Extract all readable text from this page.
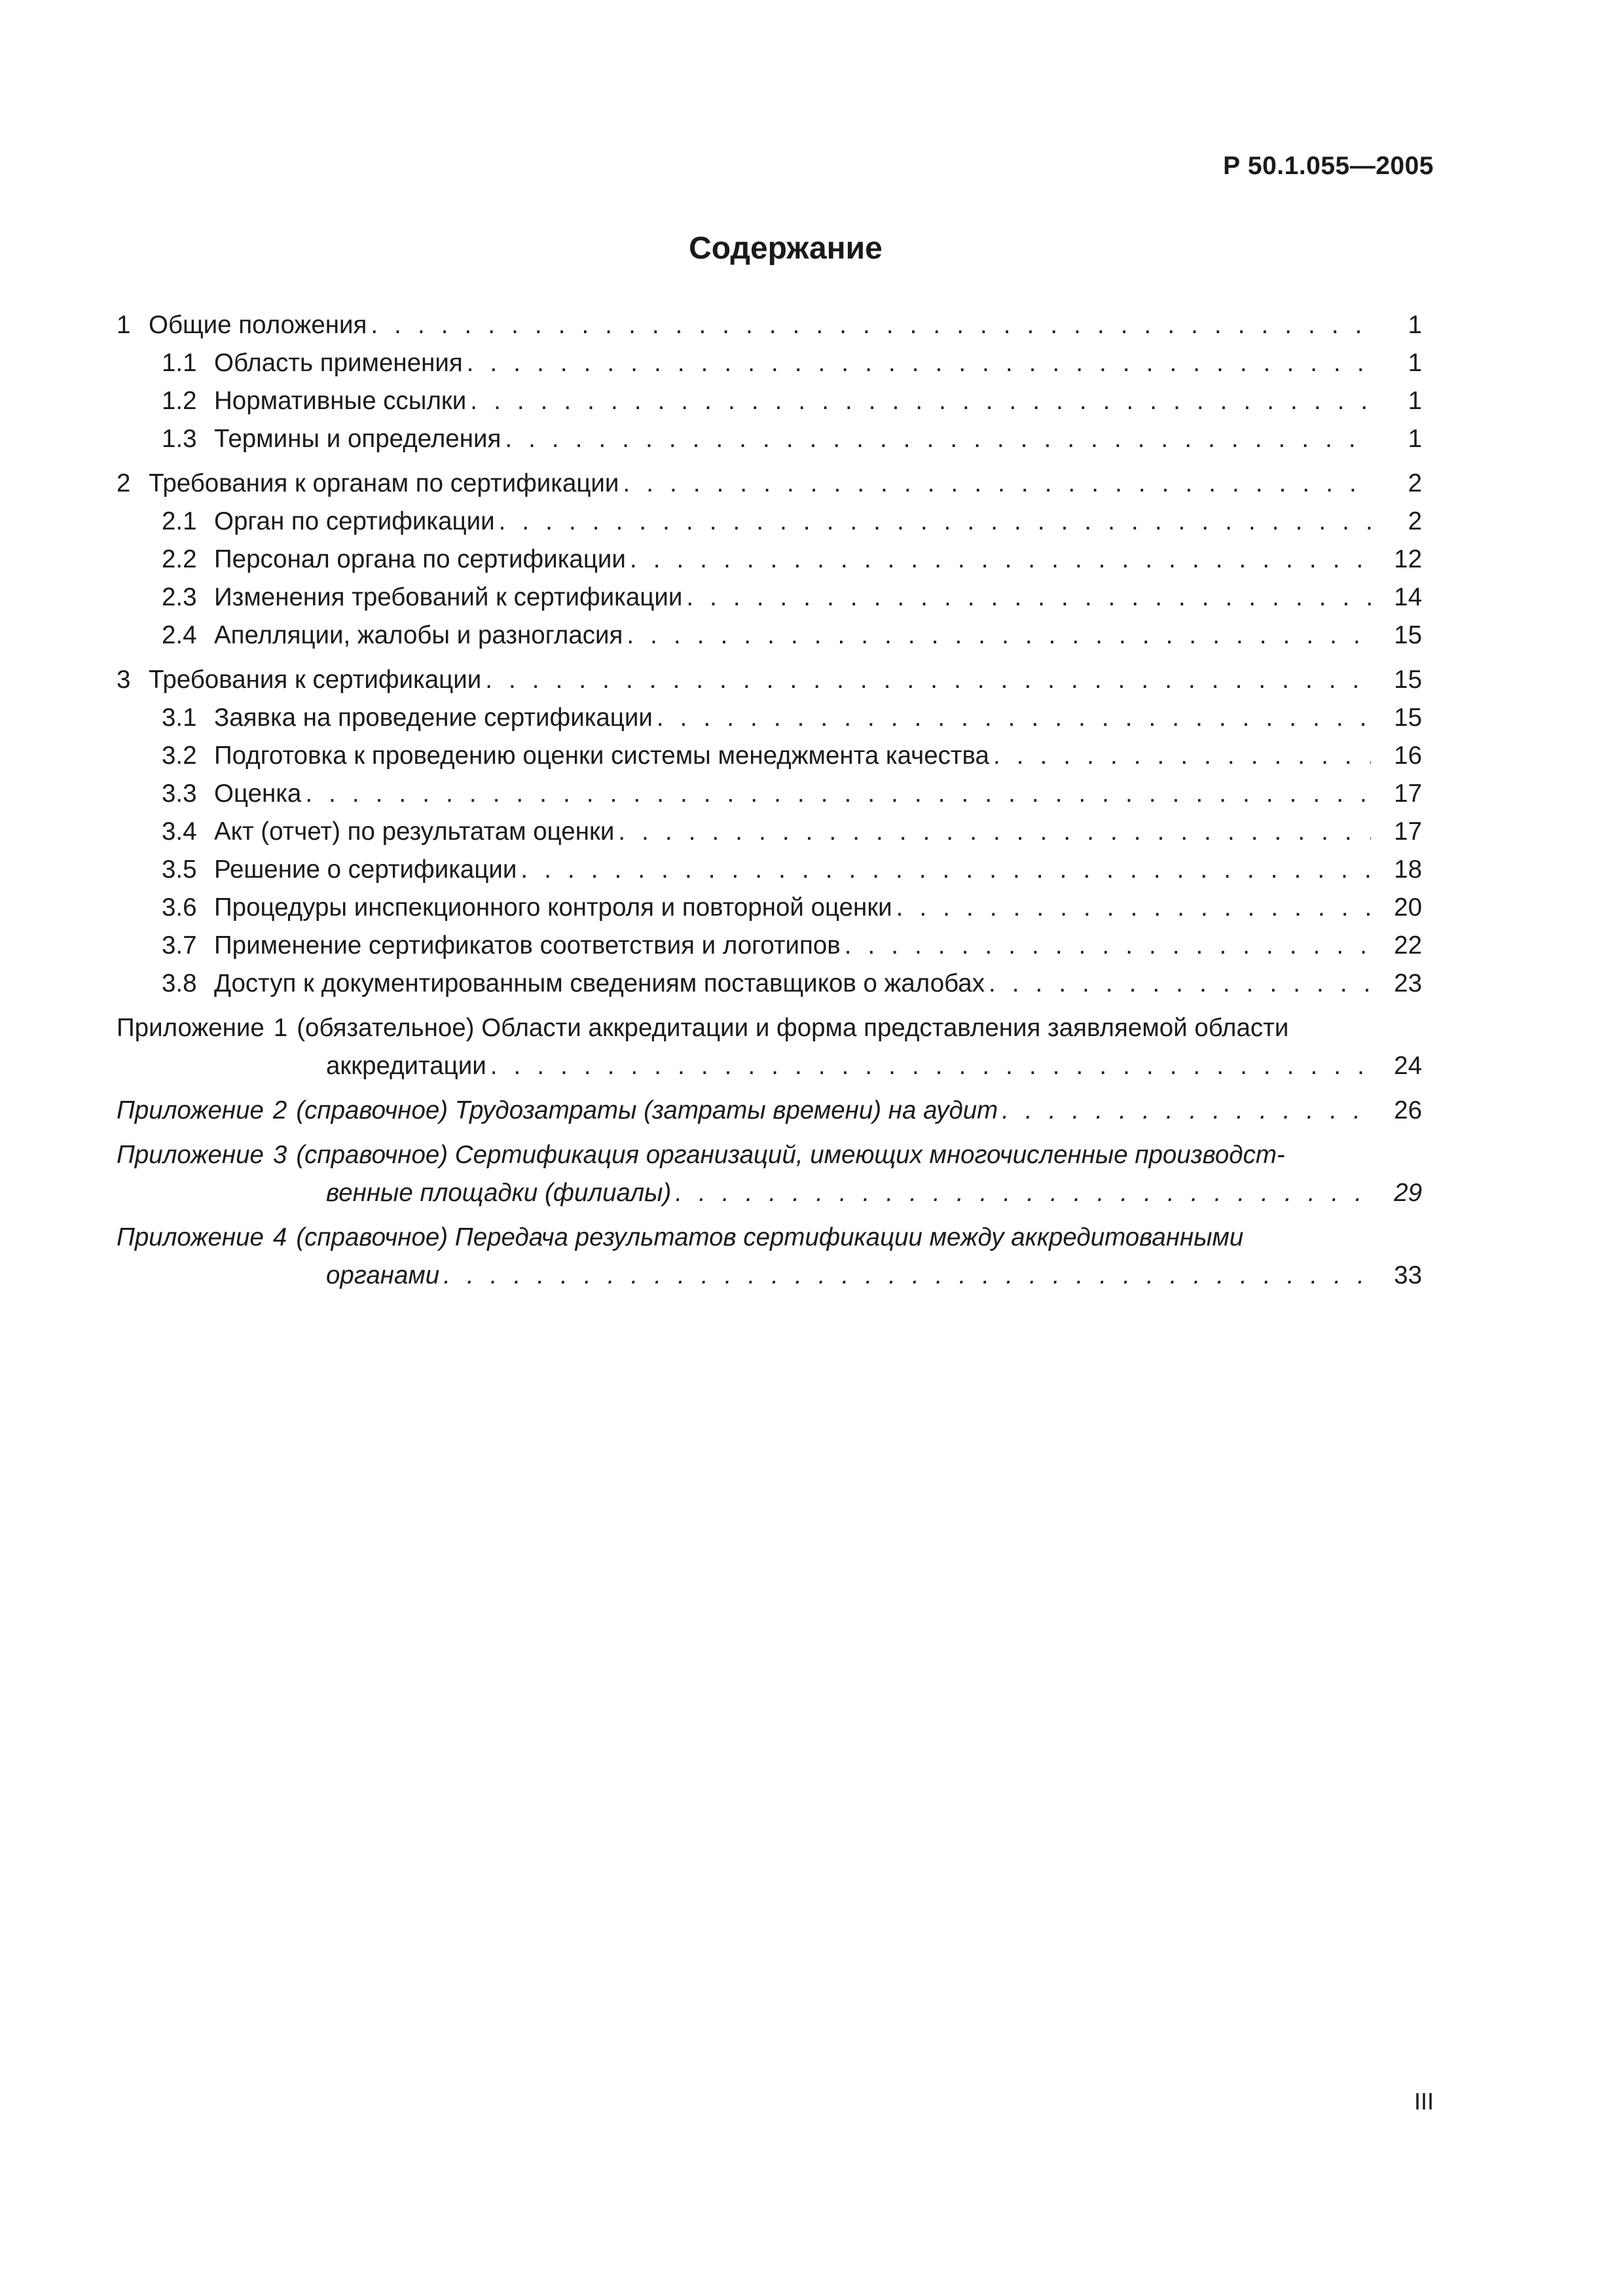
Р 50.1.055—2005
Содержание
1 Общие положения . . .	1
1.1 Область применения . . .	1
1.2 Нормативные ссылки . . .	1
1.3 Термины и определения . . .	1
2 Требования к органам по сертификации . . .	2
2.1 Орган по сертификации . . .	2
2.2 Персонал органа по сертификации . . .	12
2.3 Изменения требований к сертификации . . .	14
2.4 Апелляции, жалобы и разногласия . . .	15
3 Требования к сертификации . . .	15
3.1 Заявка на проведение сертификации . . .	15
3.2 Подготовка к проведению оценки системы менеджмента качества . . .	16
3.3 Оценка . . .	17
3.4 Акт (отчет) по результатам оценки . . .	17
3.5 Решение о сертификации . . .	18
3.6 Процедуры инспекционного контроля и повторной оценки . . .	20
3.7 Применение сертификатов соответствия и логотипов . . .	22
3.8 Доступ к документированным сведениям поставщиков о жалобах . . .	23
Приложение 1 (обязательное) Области аккредитации и форма представления заявляемой области
аккредитации . . .	24
Приложение 2 (справочное) Трудозатраты (затраты времени) на аудит . . .	26
Приложение 3 (справочное) Сертификация организаций, имеющих многочисленные производст-
венные площадки (филиалы) . . .	29
Приложение 4 (справочное) Передача результатов сертификации между аккредитованными
органами . . .	33
III
